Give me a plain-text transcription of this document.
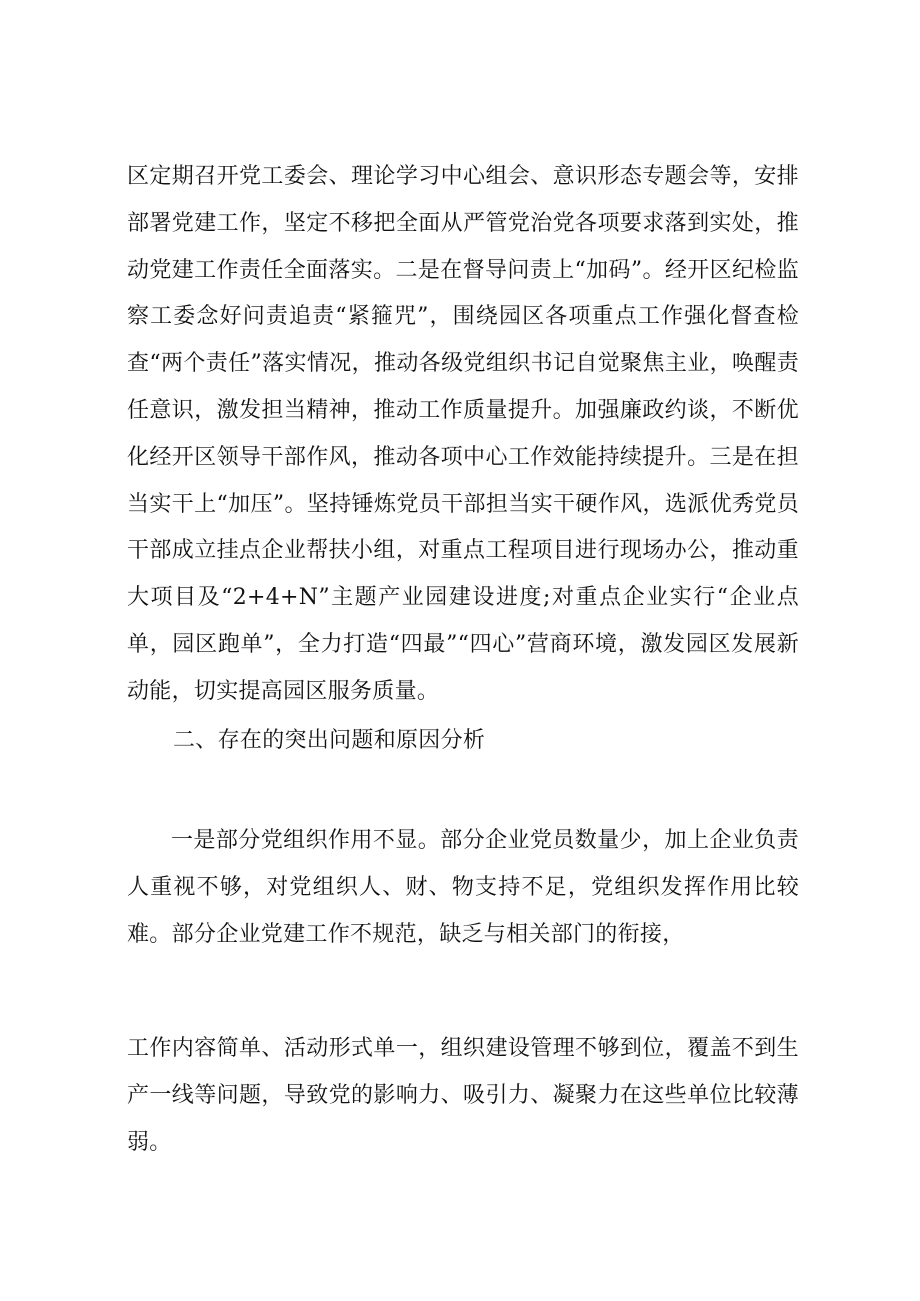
区定期召开党工委会、理论学习中心组会、意识形态专题会等，安排部署党建工作，坚定不移把全面从严管党治党各项要求落到实处，推动党建工作责任全面落实。二是在督导问责上“加码”。经开区纪检监察工委念好问责追责“紧箍咒”，围绕园区各项重点工作强化督查检查“两个责任”落实情况，推动各级党组织书记自觉聚焦主业，唤醒责任意识，激发担当精神，推动工作质量提升。加强廉政约谈，不断优化经开区领导干部作风，推动各项中心工作效能持续提升。三是在担当实干上“加压”。坚持锤炼党员干部担当实干硬作风，选派优秀党员干部成立挂点企业帮扶小组，对重点工程项目进行现场办公，推动重大项目及“2+4+N”主题产业园建设进度;对重点企业实行“企业点单，园区跑单”，全力打造“四最”“四心”营商环境，激发园区发展新动能，切实提高园区服务质量。

二、存在的突出问题和原因分析

一是部分党组织作用不显。部分企业党员数量少，加上企业负责人重视不够，对党组织人、财、物支持不足，党组织发挥作用比较难。部分企业党建工作不规范，缺乏与相关部门的衔接，

工作内容简单、活动形式单一，组织建设管理不够到位，覆盖不到生产一线等问题，导致党的影响力、吸引力、凝聚力在这些单位比较薄弱。
